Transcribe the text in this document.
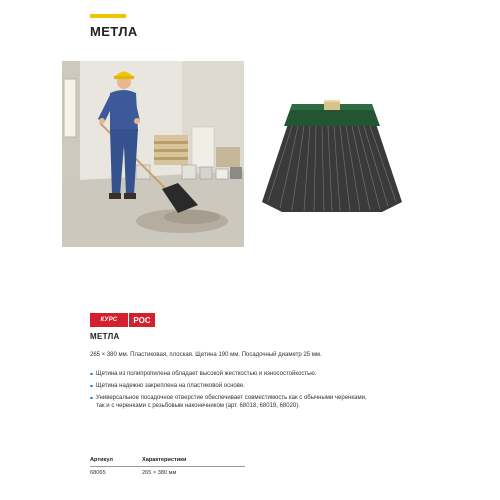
МЕТЛА
КУРС	РОС
МЕТЛА
265 × 380 мм. Пластиковая, плоская. Щетина 190 мм. Посадочный диаметр 25 мм.
Щетина из полипропилена обладает высокой жесткостью и износостойкостью.
Щетина надежно закреплена на пластиковой основе.
Универсальное посадочное отверстие обеспечивает совместимость как с обычными черенками,
так и с черенками с резьбовым наконечником (арт. 68018, 68019, 68020).
Артикул	Характеристики
68065	265 × 380 мм
